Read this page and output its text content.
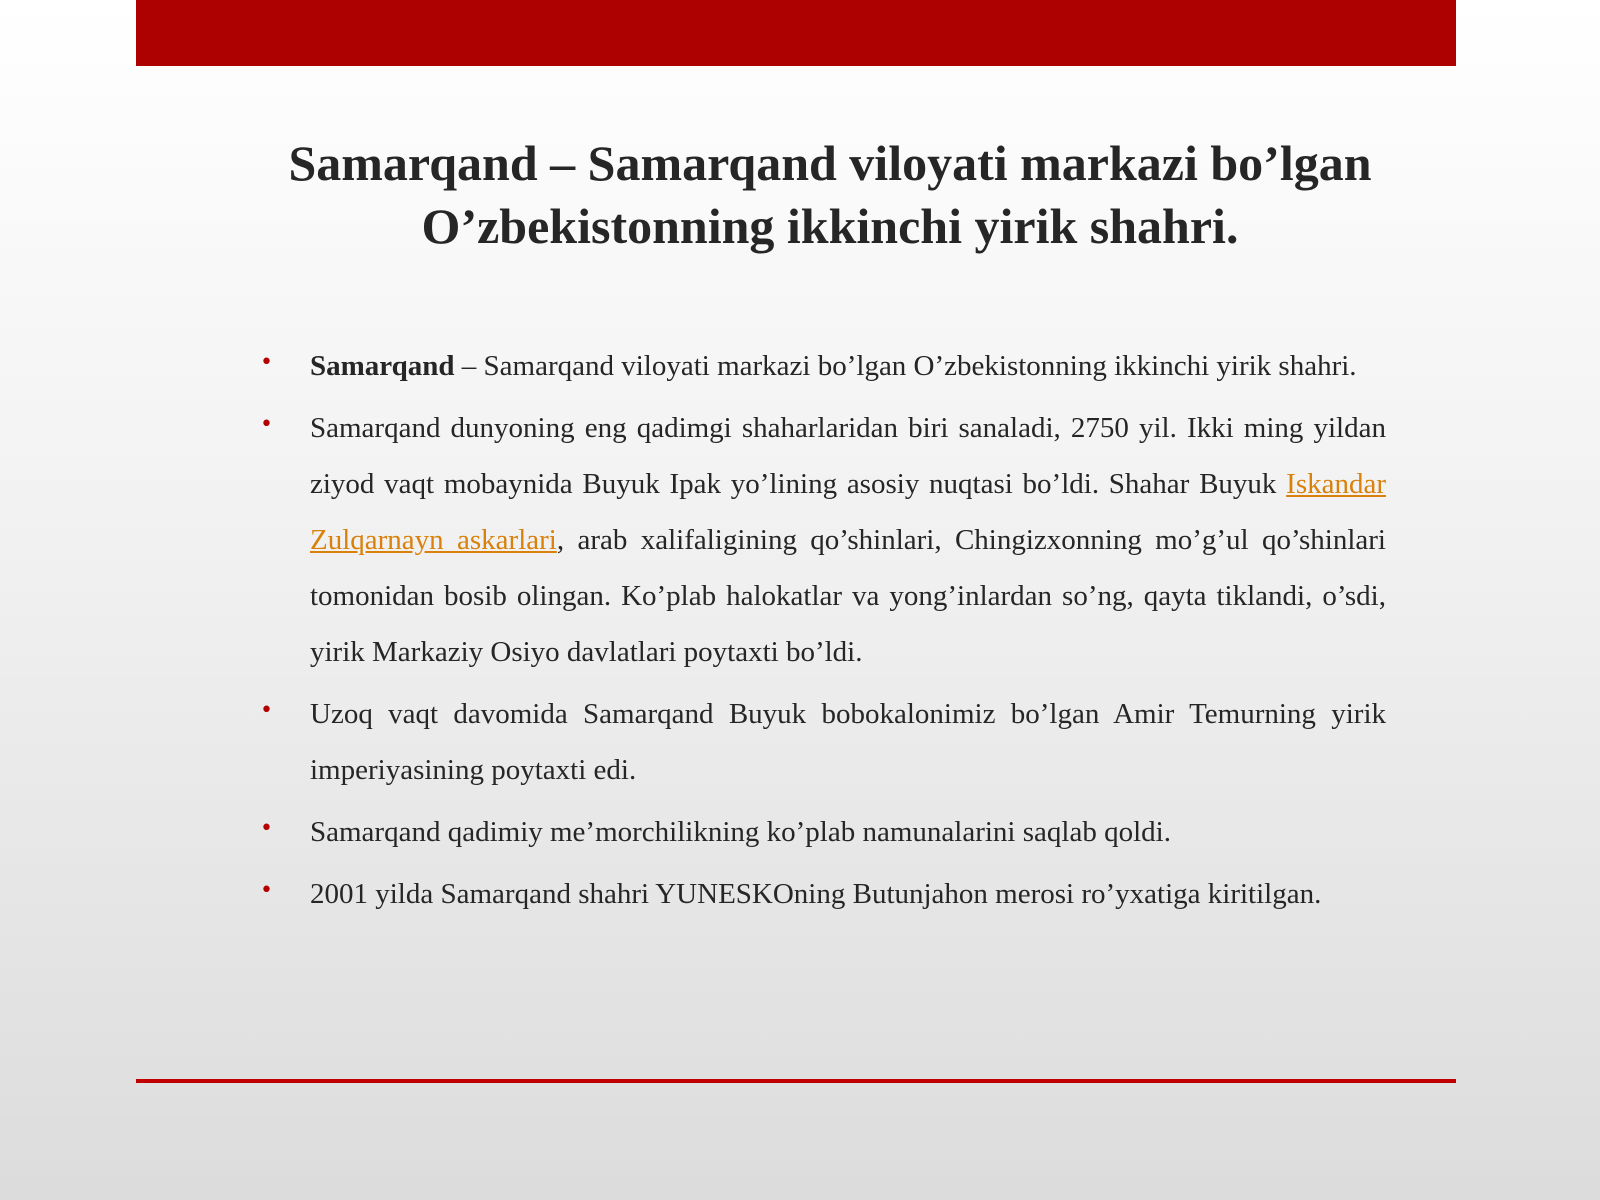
Samarqand – Samarqand viloyati markazi bo’lgan O’zbekistonning ikkinchi yirik shahri.
• Samarqand – Samarqand viloyati markazi bo’lgan O’zbekistonning ikkinchi yirik shahri.
• Samarqand dunyoning eng qadimgi shaharlaridan biri sanaladi, 2750 yil. Ikki ming yildan ziyod vaqt mobaynida Buyuk Ipak yo’lining asosiy nuqtasi bo’ldi. Shahar Buyuk Iskandar Zulqarnayn askarlari, arab xalifaligining qo’shinlari, Chingizxonning mo’g’ul qo’shinlari tomonidan bosib olingan. Ko’plab halokatlar va yong’inlardan so’ng, qayta tiklandi, o’sdi, yirik Markaziy Osiyo davlatlari poytaxti bo’ldi.
• Uzoq vaqt davomida Samarqand Buyuk bobokalonimiz bo’lgan Amir Temurning yirik imperiyasining poytaxti edi.
• Samarqand qadimiy me’morchilikning ko’plab namunalarini saqlab qoldi.
• 2001 yilda Samarqand shahri YUNESKOning Butunjahon merosi ro’yxatiga kiritilgan.
